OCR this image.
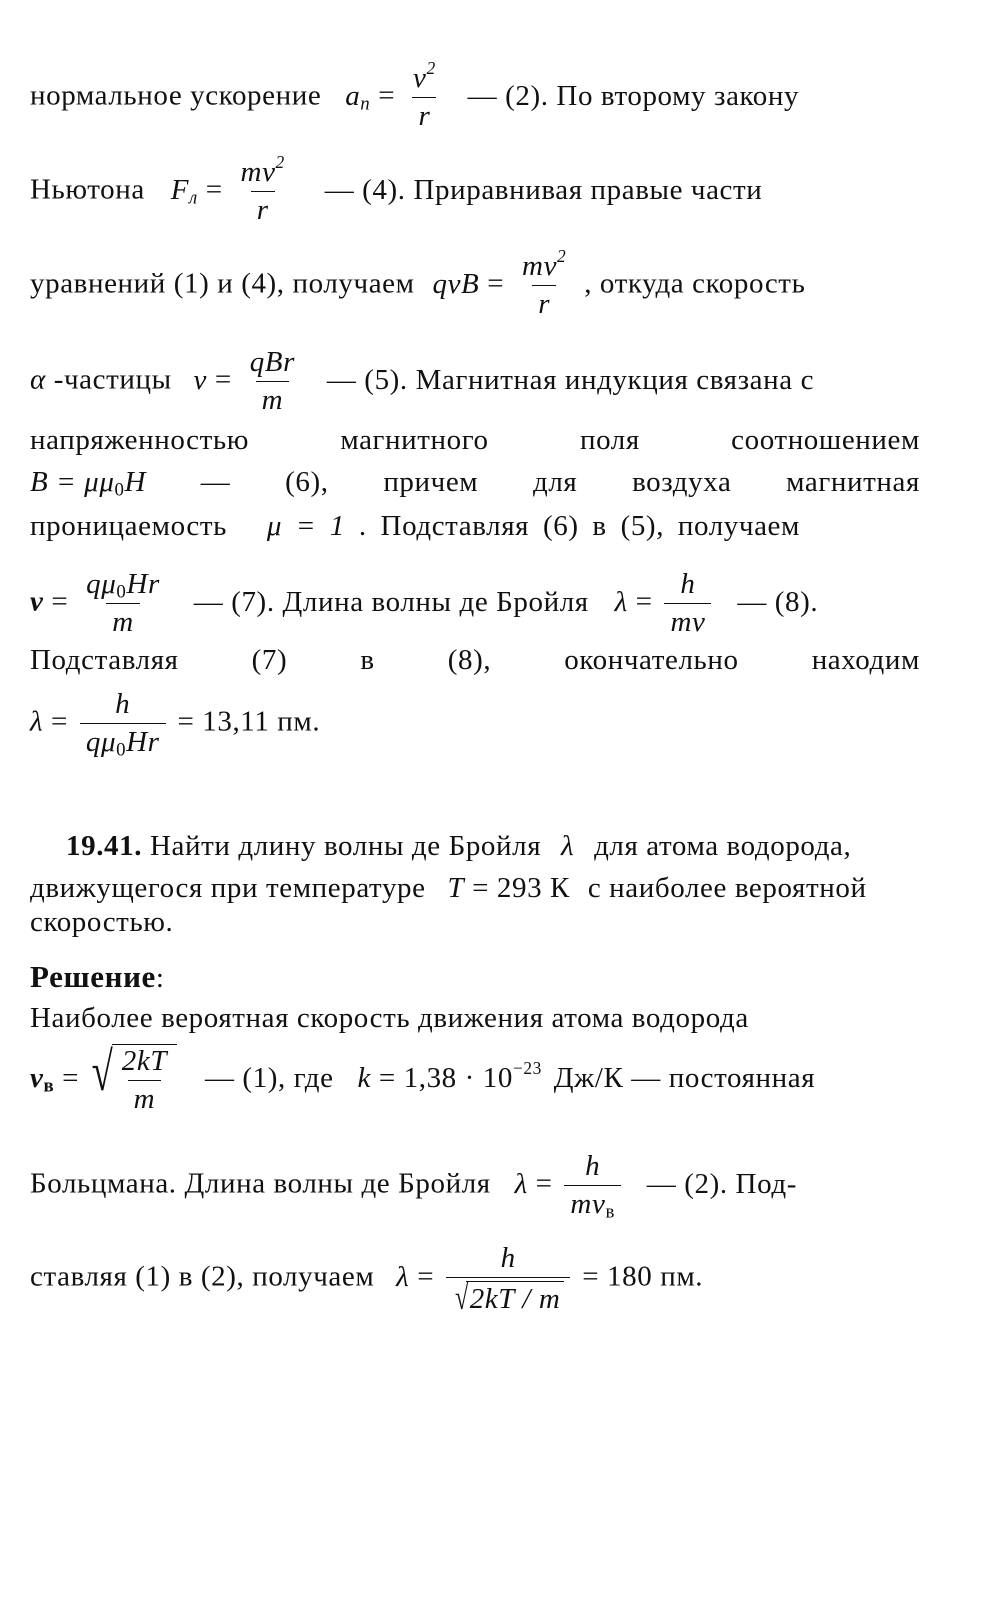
нормальное ускорение $a_n = \frac{v^2}{r}$ — (2). По второму закону
Ньютона $F_л = \frac{mv^2}{r}$ — (4). Приравнивая правые части
уравнений (1) и (4), получаем qvB = $\frac{mv^2}{r}$ , откуда скорость
α -частицы $v = \frac{\text{qBr}}{m}$ — (5). Магнитная индукция связана с
напряженностью	магнитного	поля	соотношением
$B = \mu\mu_0H$ — (6), причем для воздуха магнитная
проницаемость μ = 1 . Подставляя (6) в (5), получаем
$v = \frac{q\mu_0Hr}{m}$ — (7). Длина волны де Бройля $\lambda = \frac{h}{mv}$ — (8).
Подставляя	(7)	в	(8),	окончательно	находим
$\lambda = \frac{h}{q\mu_0Hr} = 13,11$ пм.
19.41. Найти длину волны де Бройля λ для атома водорода,
движущегося при температуре T = 293 К с наиболее вероятной
скоростью.
Решение:
Наиболее вероятная скорость движения атома водорода
$v_в$ = √ $\frac{2kT}{m}$ — (1), где $k = 1,38 \cdot 10^{-23}$ Дж/К — постоянная
Больцмана. Длина волны де Бройля $\lambda = \frac{h}{mv_в}$ — (2). Под-
ставляя (1) в (2), получаем $\lambda = \frac{h}{√ 2kT / m} = 180$ пм.
